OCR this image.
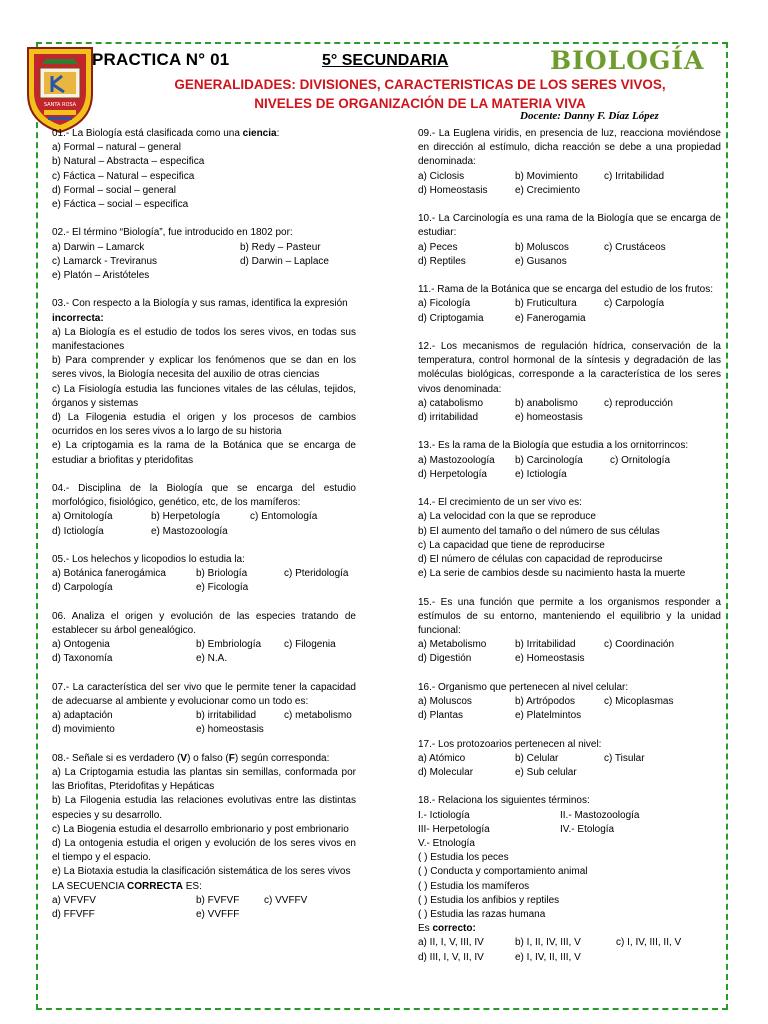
SANTA ROSA
PRACTICA N° 01	5° SECUNDARIA	BIOLOGÍA
GENERALIDADES: DIVISIONES, CARACTERISTICAS DE LOS SERES VIVOS,
NIVELES DE ORGANIZACIÓN DE LA MATERIA VIVA
Docente: Danny F. Díaz López
01.- La Biología está clasificada como una ciencia:
a) Formal – natural – general
b) Natural – Abstracta – especifica
c) Fáctica – Natural – especifica
d) Formal – social – general
e) Fáctica – social – especifica
02.- El término “Biología”, fue introducido en 1802 por:
a) Darwin – Lamarck	b) Redy – Pasteur
c) Lamarck - Treviranus	d) Darwin – Laplace
e) Platón – Aristóteles
03.- Con respecto a la Biología y sus ramas, identifica la expresión
incorrecta:
a) La Biología es el estudio de todos los seres vivos, en todas sus manifestaciones
b) Para comprender y explicar los fenómenos que se dan en los seres vivos, la Biología necesita del auxilio de otras ciencias
c) La Fisiología estudia las funciones vitales de las células, tejidos, órganos y sistemas
d) La Filogenia estudia el origen y los procesos de cambios ocurridos en los seres vivos a lo largo de su historia
e) La criptogamia es la rama de la Botánica que se encarga de estudiar a briofitas y pteridofitas
04.- Disciplina de la Biología que se encarga del estudio morfológico, fisiológico, genético, etc, de los mamíferos:
a) Ornitología	b) Herpetología	c) Entomología
d) Ictiología	e) Mastozoología
05.- Los helechos y licopodios lo estudia la:
a) Botánica fanerogámica	b) Briología	c) Pteridología
d) Carpología	e) Ficología
06. Analiza el origen y evolución de las especies tratando de establecer su árbol genealógico.
a) Ontogenia	b) Embriología	c) Filogenia
d) Taxonomía	e) N.A.
07.- La característica del ser vivo que le permite tener la capacidad de adecuarse al ambiente y evolucionar como un todo es:
a) adaptación	b) irritabilidad	c) metabolismo
d) movimiento	e) homeostasis
08.- Señale si es verdadero (V) o falso (F) según corresponda:
a) La Criptogamia estudia las plantas sin semillas, conformada por las Briofitas, Pteridofitas y Hepáticas
b) La Filogenia estudia las relaciones evolutivas entre las distintas especies y su desarrollo.
c) La Biogenia estudia el desarrollo embrionario y post embrionario
d) La ontogenia estudia el origen y evolución de los seres vivos en el tiempo y el espacio.
e) La Biotaxia estudia la clasificación sistemática de los seres vivos
LA SECUENCIA CORRECTA ES:
a) VFVFV	b) FVFVF	c) VVFFV
d) FFVFF	e) VVFFF
09.- La Euglena viridis, en presencia de luz, reacciona moviéndose en dirección al estímulo, dicha reacción se debe a una propiedad denominada:
a) Ciclosis	b) Movimiento	c) Irritabilidad
d) Homeostasis	e) Crecimiento
10.- La Carcinología es una rama de la Biología que se encarga de estudiar:
a) Peces	b) Moluscos	c) Crustáceos
d) Reptiles	e) Gusanos
11.- Rama de la Botánica que se encarga del estudio de los frutos:
a) Ficología	b) Fruticultura	c) Carpología
d) Criptogamia	e) Fanerogamia
12.- Los mecanismos de regulación hídrica, conservación de la temperatura, control hormonal de la síntesis y degradación de las moléculas biológicas, corresponde a la característica de los seres vivos denominada:
a) catabolismo	b) anabolismo	c) reproducción
d) irritabilidad	e) homeostasis
13.- Es la rama de la Biología que estudia a los ornitorrincos:
a) Mastozoología	b) Carcinología	c) Ornitología
d) Herpetología	e) Ictiología
14.- El crecimiento de un ser vivo es:
a) La velocidad con la que se reproduce
b) El aumento del tamaño o del número de sus células
c) La capacidad que tiene de reproducirse
d) El número de células con capacidad de reproducirse
e) La serie de cambios desde su nacimiento hasta la muerte
15.- Es una función que permite a los organismos responder a estímulos de su entorno, manteniendo el equilibrio y la unidad funcional:
a) Metabolismo	b) Irritabilidad	c) Coordinación
d) Digestión	e) Homeostasis
16.- Organismo que pertenecen al nivel celular:
a) Moluscos	b) Artrópodos	c) Micoplasmas
d) Plantas	e) Platelmintos
17.- Los protozoarios pertenecen al nivel:
a) Atómico	b) Celular	c) Tisular
d) Molecular	e) Sub celular
18.- Relaciona los siguientes términos:
I.- Ictiología	II.- Mastozoología
III- Herpetología	IV.- Etología
V.- Etnología
( ) Estudia los peces
( ) Conducta y comportamiento animal
( ) Estudia los mamíferos
( ) Estudia los anfibios y reptiles
( ) Estudia las razas humana
Es correcto:
a) II, I, V, III, IV	b) I, II, IV, III, V	c) I, IV, III, II, V
d) III, I, V, II, IV	e) I, IV, II, III, V
